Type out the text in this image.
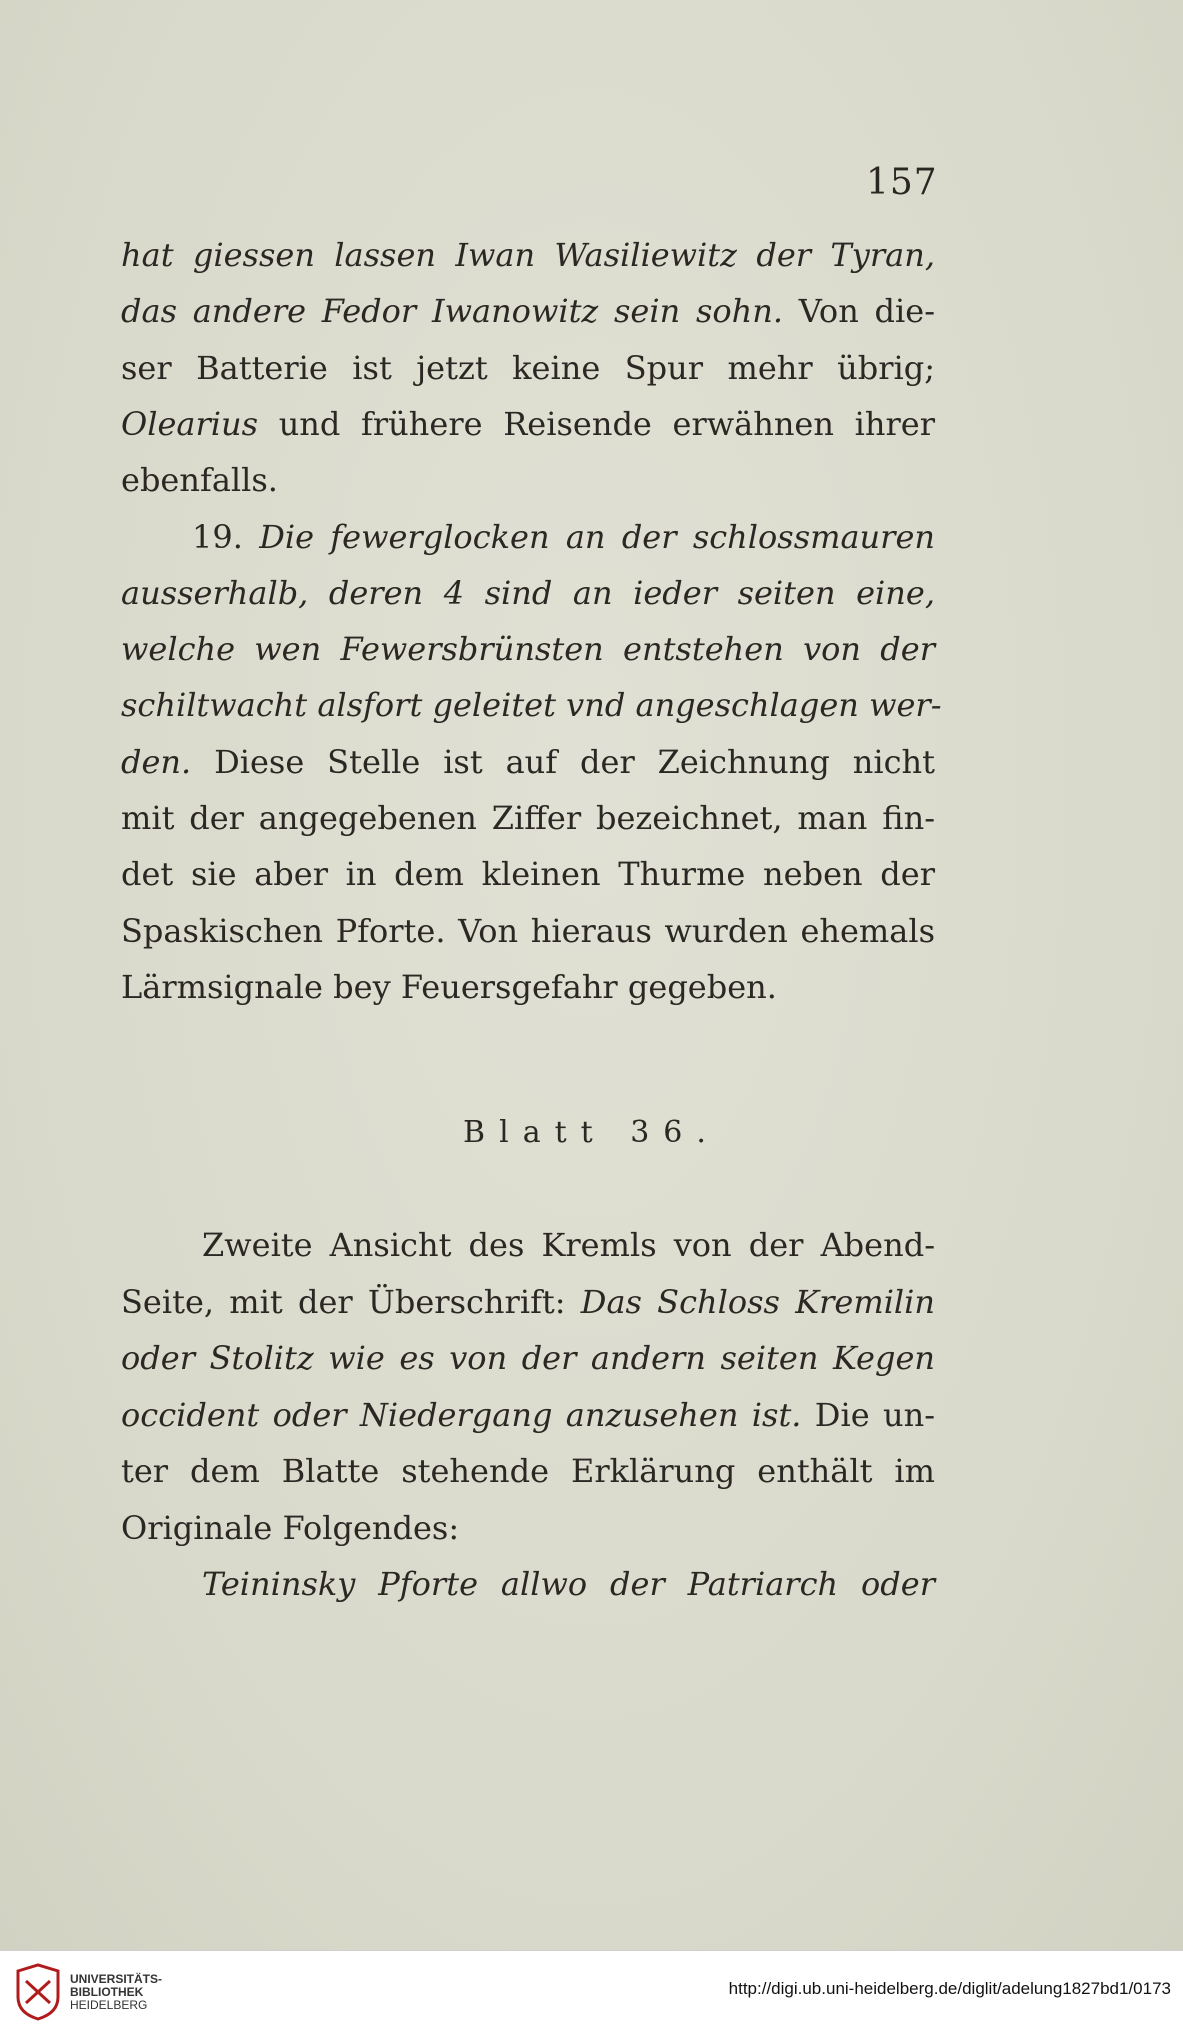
157
hat giessen lassen Iwan Wasiliewitz der Tyran,
das andere Fedor Iwanowitz sein sohn. Von die-
ser Batterie ist jetzt keine Spur mehr übrig;
Olearius und frühere Reisende erwähnen ihrer
ebenfalls.
19. Die fewerglocken an der schlossmauren
ausserhalb, deren 4 sind an ieder seiten eine,
welche wen Fewersbrünsten entstehen von der
schiltwacht alsfort geleitet vnd angeschlagen wer-
den. Diese Stelle ist auf der Zeichnung nicht
mit der angegebenen Ziffer bezeichnet, man fin-
det sie aber in dem kleinen Thurme neben der
Spaskischen Pforte. Von hieraus wurden ehemals
Lärmsignale bey Feuersgefahr gegeben.
Blatt 36.
Zweite Ansicht des Kremls von der Abend-
Seite, mit der Überschrift: Das Schloss Kremilin
oder Stolitz wie es von der andern seiten Kegen
occident oder Niedergang anzusehen ist. Die un-
ter dem Blatte stehende Erklärung enthält im
Originale Folgendes:
Teininsky Pforte allwo der Patriarch oder
UNIVERSITÄTS-
BIBLIOTHEK
HEIDELBERG
http://digi.ub.uni-heidelberg.de/diglit/adelung1827bd1/0173
